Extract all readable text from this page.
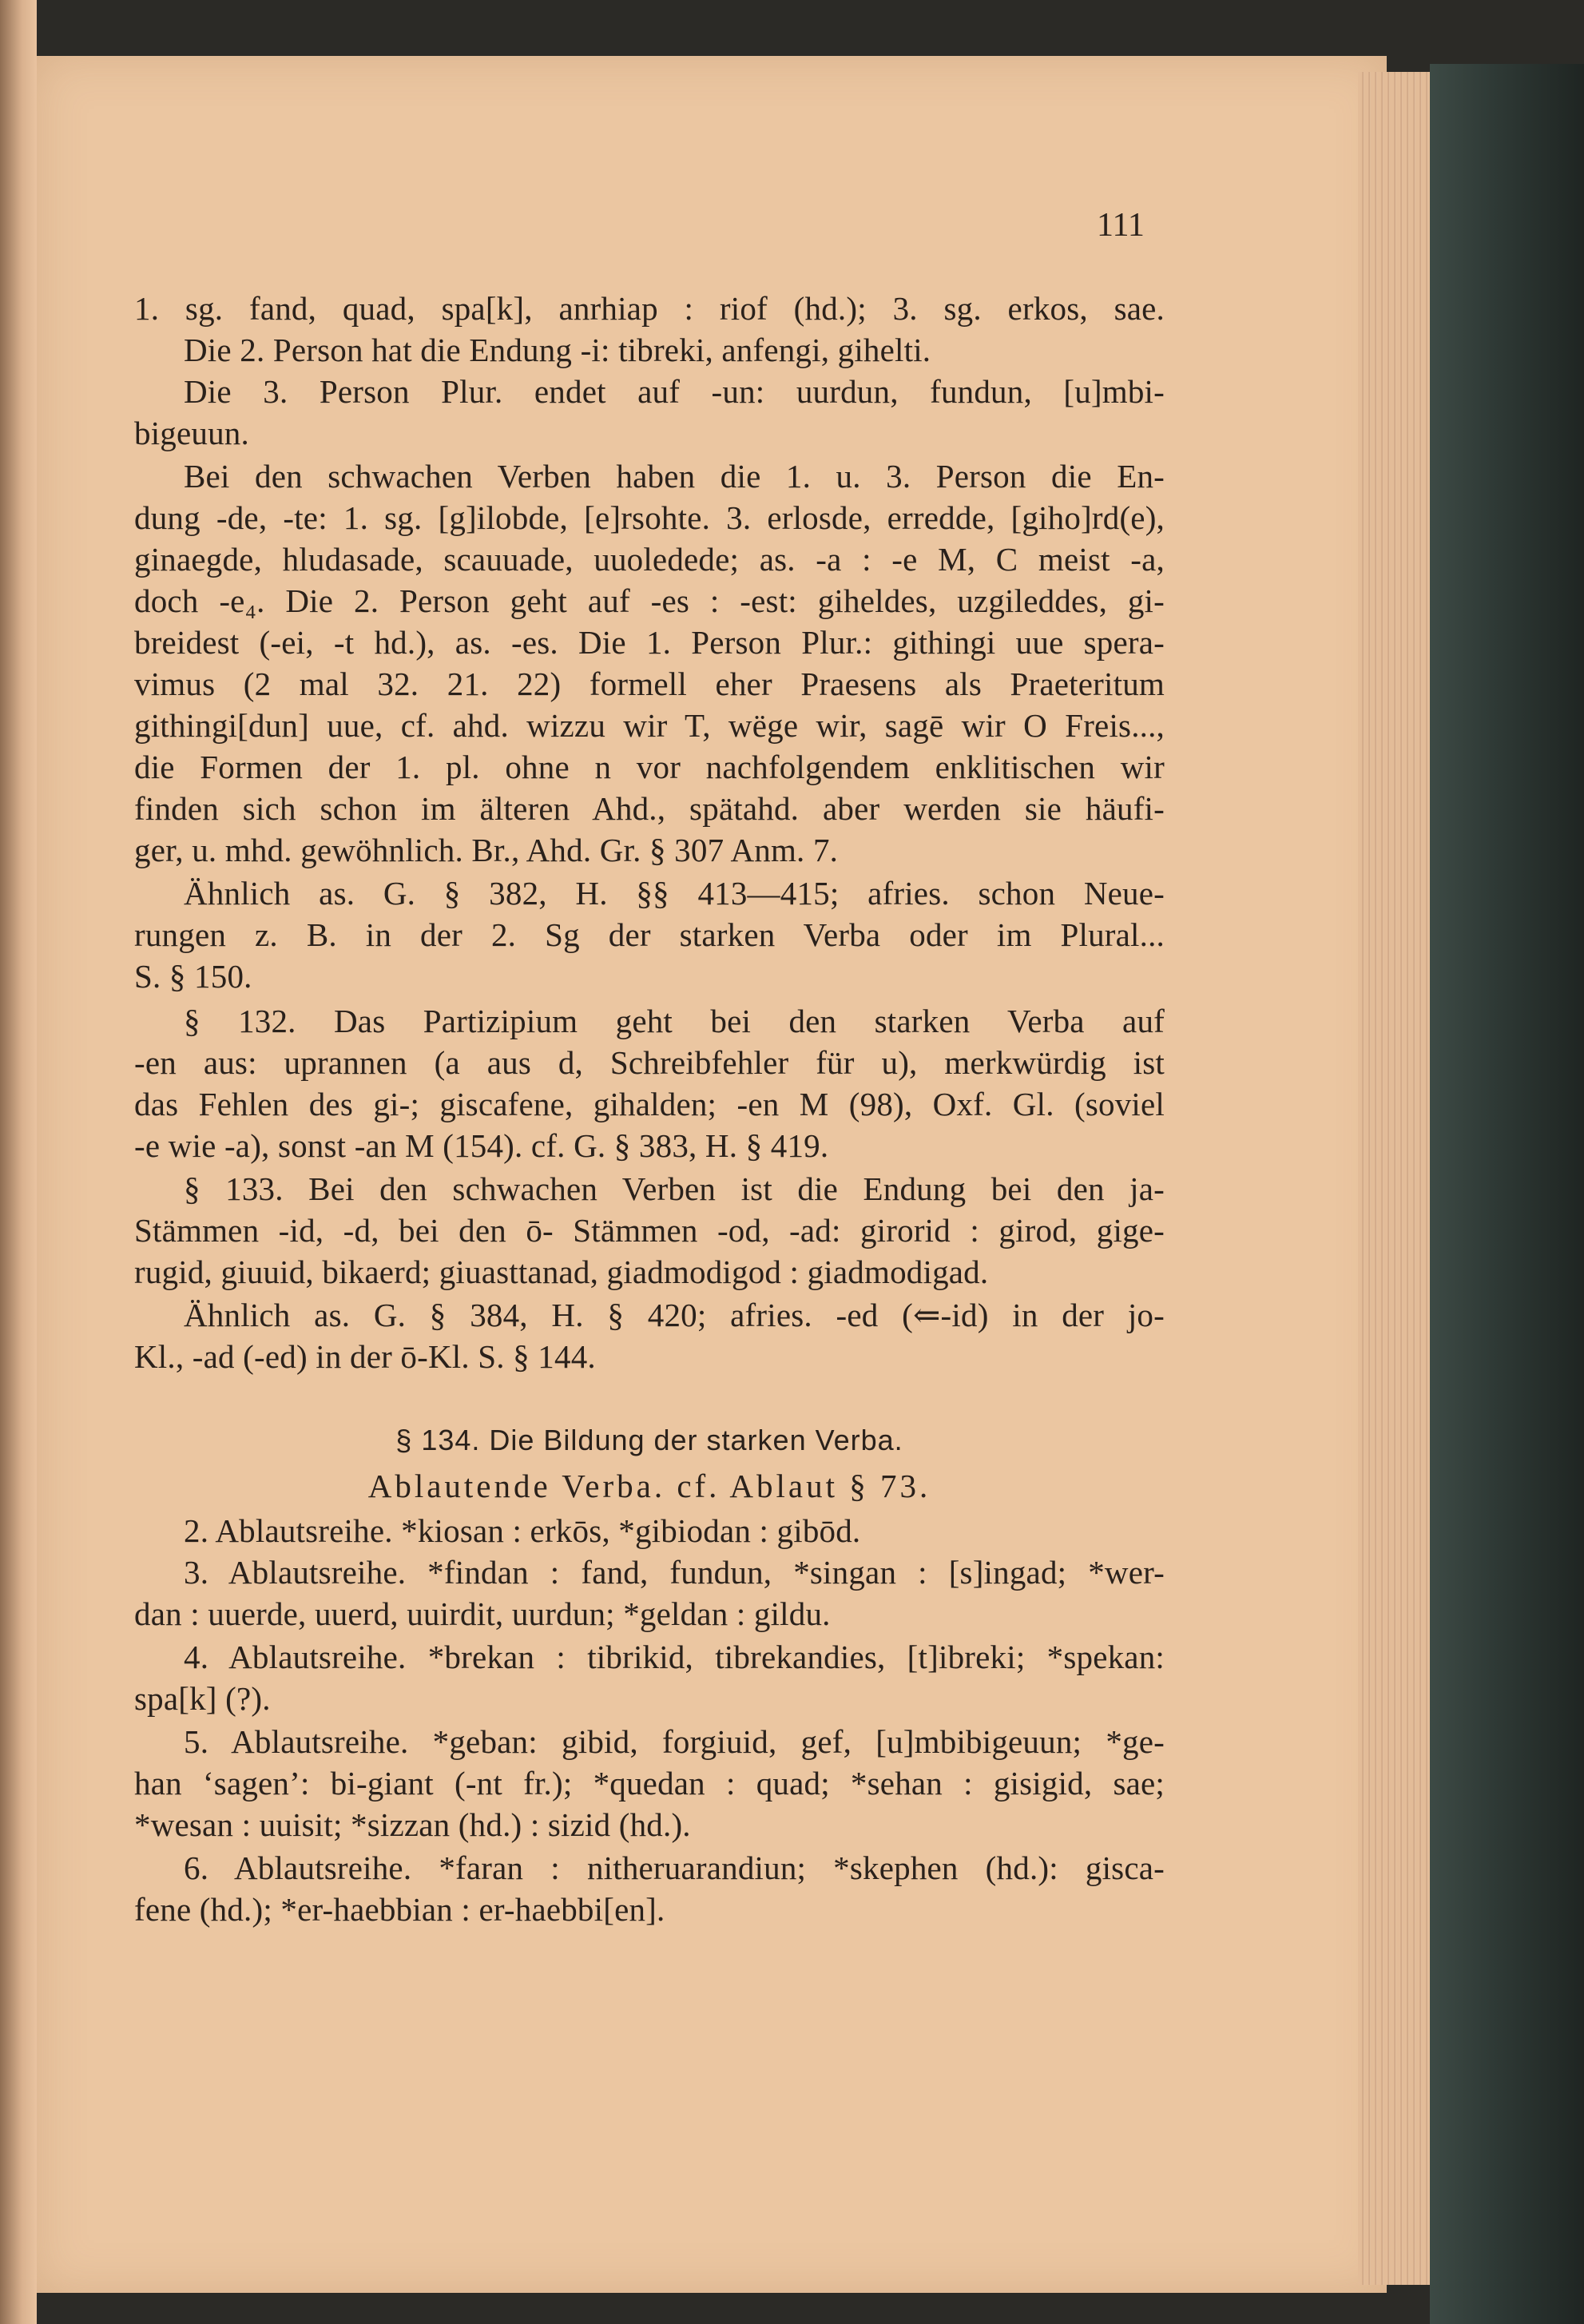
111
1. sg. fand, quad, spa[k], anrhiap : riof (hd.); 3. sg. erkos, sae.
Die 2. Person hat die Endung -i: tibreki, anfengi, gihelti.
Die 3. Person Plur. endet auf -un: uurdun, fundun, [u]mbi-
bigeuun.
Bei den schwachen Verben haben die 1. u. 3. Person die En-
dung -de, -te: 1. sg. [g]ilobde, [e]rsohte. 3. erlosde, erredde, [giho]rd(e),
ginaegde, hludasade, scauuade, uuoledede; as. -a : -e M, C meist -a,
doch -e₄. Die 2. Person geht auf -es : -est: giheldes, uzgileddes, gi-
breidest (-ei, -t hd.), as. -es. Die 1. Person Plur.: githingi uue spera-
vimus (2 mal 32. 21. 22) formell eher Praesens als Praeteritum
githingi[dun] uue, cf. ahd. wizzu wir T, wëge wir, sagē wir O Freis...,
die Formen der 1. pl. ohne n vor nachfolgendem enklitischen wir
finden sich schon im älteren Ahd., spätahd. aber werden sie häufi-
ger, u. mhd. gewöhnlich. Br., Ahd. Gr. § 307 Anm. 7.
Ähnlich as. G. § 382, H. §§ 413—415; afries. schon Neue-
rungen z. B. in der 2. Sg der starken Verba oder im Plural...
S. § 150.
§ 132. Das Partizipium geht bei den starken Verba auf
-en aus: uprannen (a aus d, Schreibfehler für u), merkwürdig ist
das Fehlen des gi-; giscafene, gihalden; -en M (98), Oxf. Gl. (soviel
-e wie -a), sonst -an M (154). cf. G. § 383, H. § 419.
§ 133. Bei den schwachen Verben ist die Endung bei den ja-
Stämmen -id, -d, bei den ō- Stämmen -od, -ad: girorid : girod, gige-
rugid, giuuid, bikaerd; giuasttanad, giadmodigod : giadmodigad.
Ähnlich as. G. § 384, H. § 420; afries. -ed (⇐-id) in der jo-
Kl., -ad (-ed) in der ō-Kl. S. § 144.
§ 134. Die Bildung der starken Verba.
Ablautende Verba. cf. Ablaut § 73.
2. Ablautsreihe. *kiosan : erkōs, *gibiodan : gibōd.
3. Ablautsreihe. *findan : fand, fundun, *singan : [s]ingad; *wer-
dan : uuerde, uuerd, uuirdit, uurdun; *geldan : gildu.
4. Ablautsreihe. *brekan : tibrikid, tibrekandies, [t]ibreki; *spekan:
spa[k] (?).
5. Ablautsreihe. *geban: gibid, forgiuid, gef, [u]mbibigeuun; *ge-
han ‘sagen’: bi-giant (-nt fr.); *quedan : quad; *sehan : gisigid, sae;
*wesan : uuisit; *sizzan (hd.) : sizid (hd.).
6. Ablautsreihe. *faran : nitheruarandiun; *skephen (hd.): gisca-
fene (hd.); *er-haebbian : er-haebbi[en].
